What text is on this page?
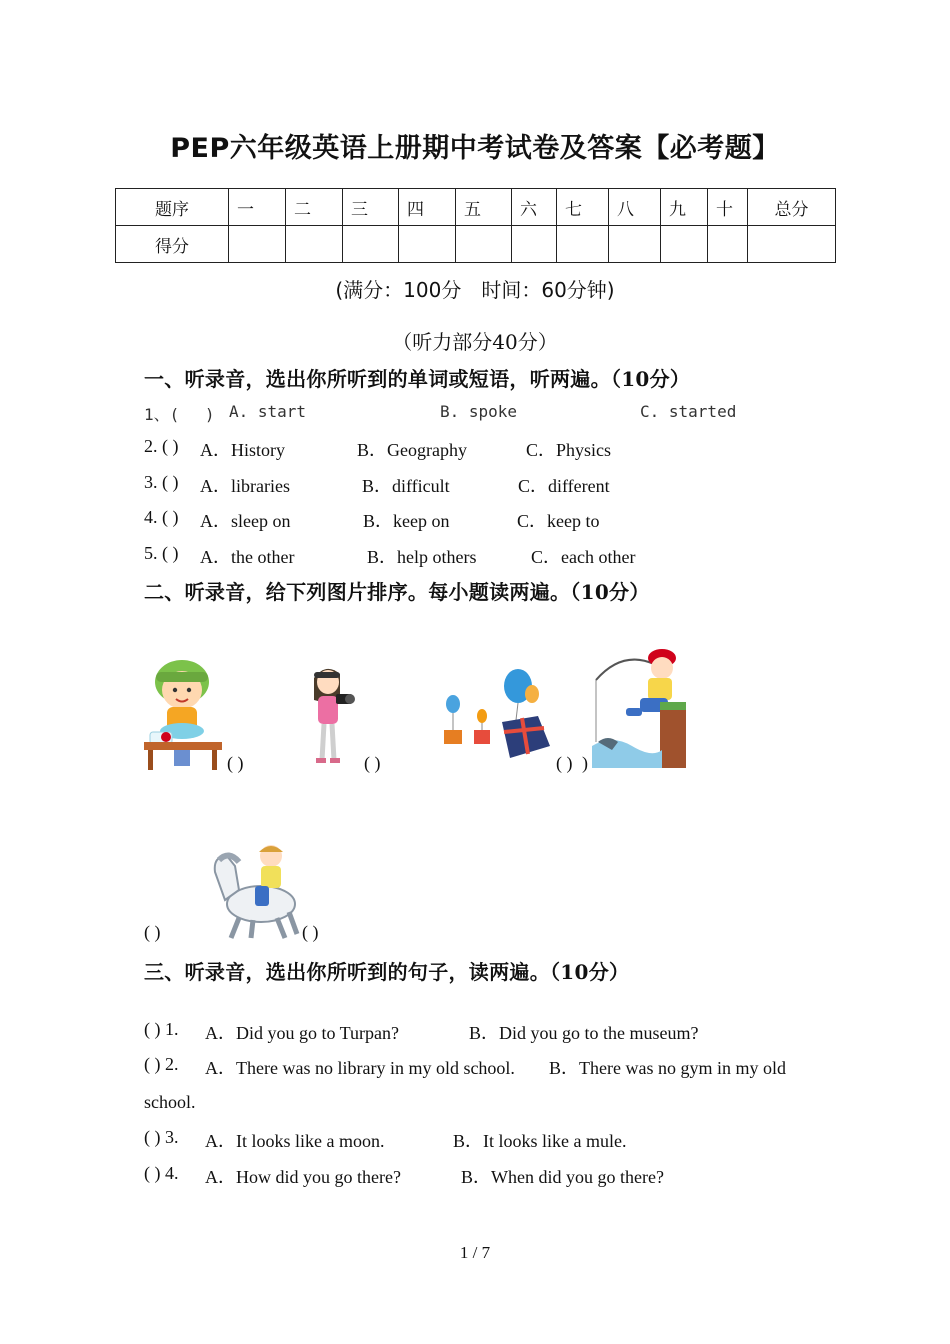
PEP六年级英语上册期中考试卷及答案【必考题】
题序	一	二	三	四	五	六	七	八	九	十	总分
得分											
(满分：100分　时间：60分钟)
（听力部分40分）
一、听录音，选出你所听到的单词或短语，听两遍。（10分）
1、(　 ) A. start	B. spoke	C. started
2. ( ) A．History	B．Geography	C．Physics
3. ( ) A．libraries	B．difficult	C．different
4. ( ) A．sleep on	B．keep on	C．keep to
5. ( ) A．the other	B．help others	C．each other
二、听录音，给下列图片排序。每小题读两遍。（10分）
( )	( )	( ) )
( )	( )
三、听录音，选出你所听到的句子，读两遍。（10分）
( ) 1. A．Did you go to Turpan?	B．Did you go to the museum?
( ) 2. A．There was no library in my old school. B．There was no gym in my old
school.
( ) 3. A．It looks like a moon.	B．It looks like a mule.
( ) 4. A．How did you go there?	B．When did you go there?
1 / 7
